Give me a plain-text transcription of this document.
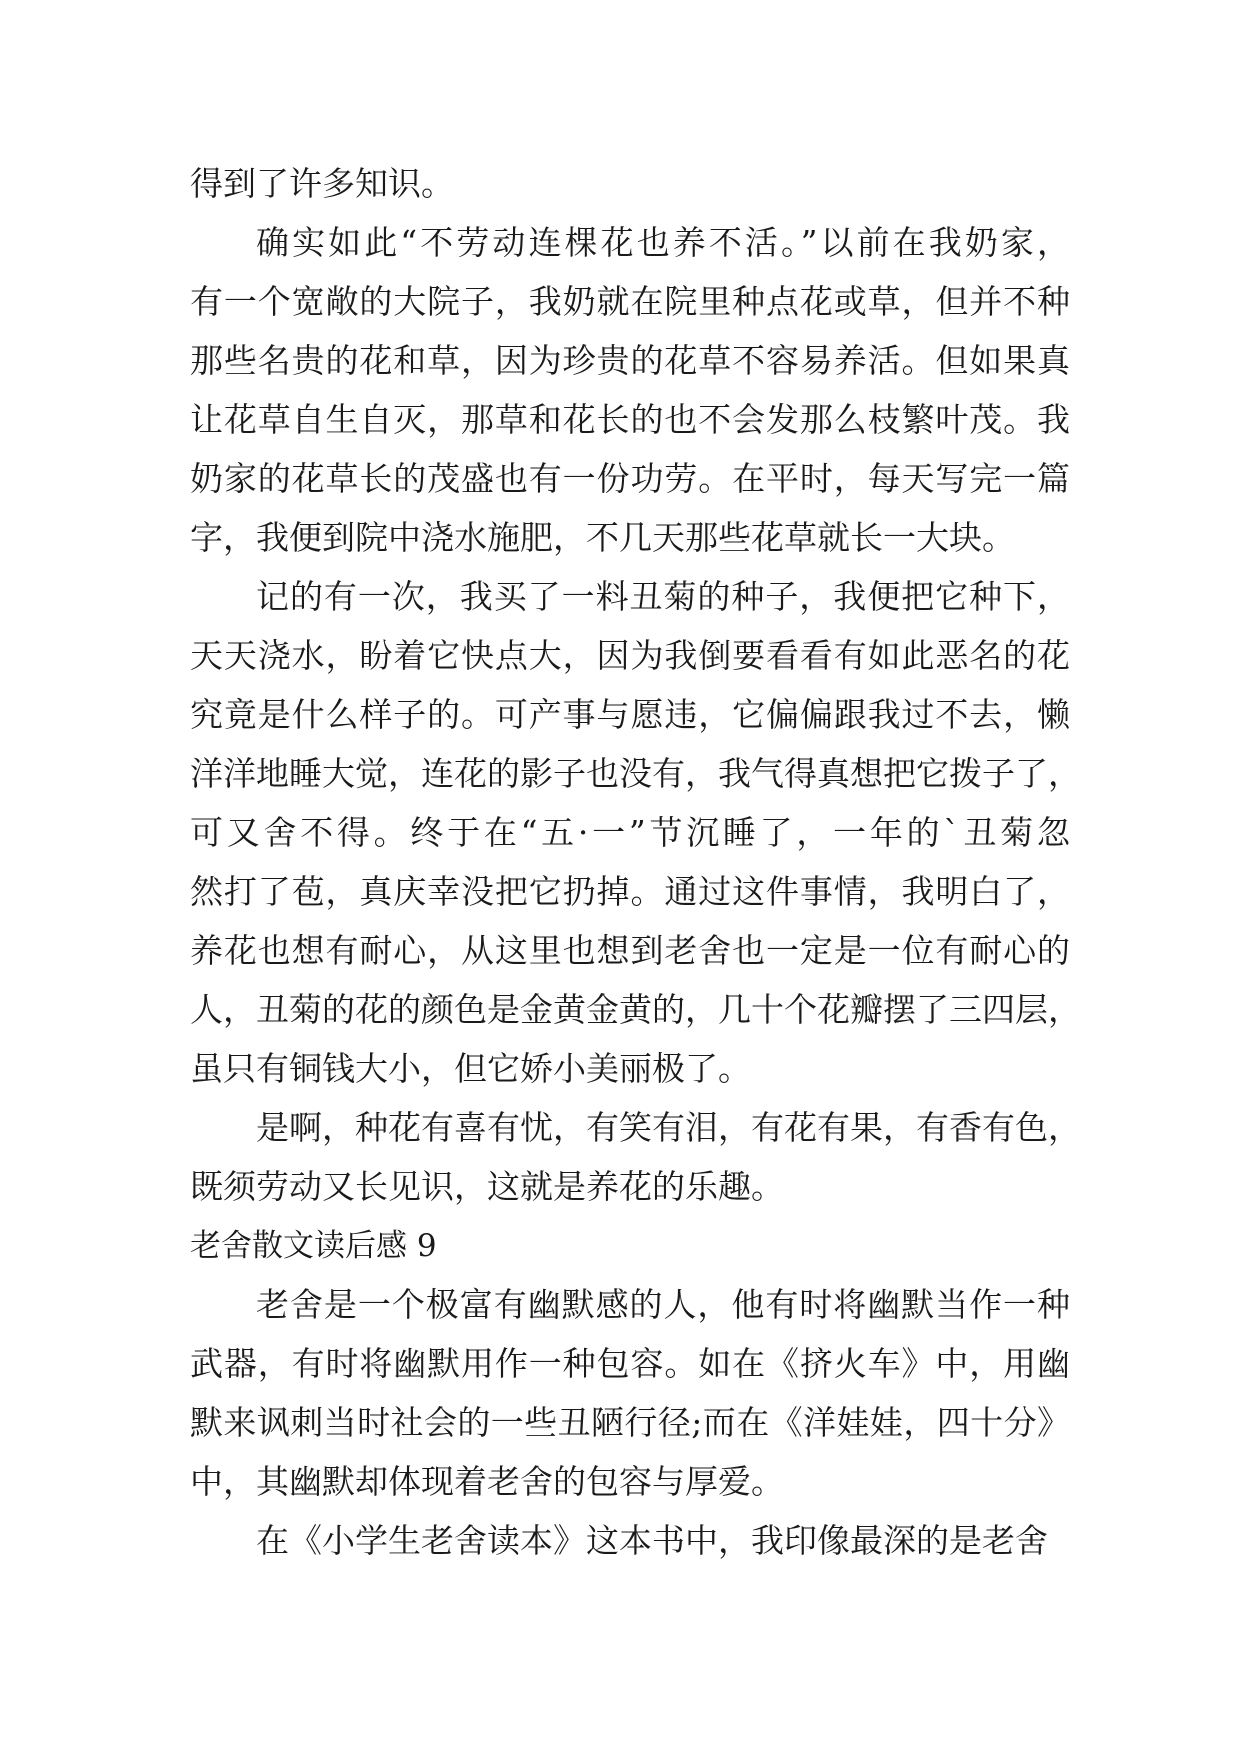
得到了许多知识。

确实如此“不劳动连棵花也养不活。”以前在我奶家，

有一个宽敞的大院子，我奶就在院里种点花或草，但并不种

那些名贵的花和草，因为珍贵的花草不容易养活。但如果真

让花草自生自灭，那草和花长的也不会发那么枝繁叶茂。我

奶家的花草长的茂盛也有一份功劳。在平时，每天写完一篇

字，我便到院中浇水施肥，不几天那些花草就长一大块。

记的有一次，我买了一料丑菊的种子，我便把它种下，

天天浇水，盼着它快点大，因为我倒要看看有如此恶名的花

究竟是什么样子的。可产事与愿违，它偏偏跟我过不去，懒

洋洋地睡大觉，连花的影子也没有，我气得真想把它拨子了，

可又舍不得。终于在“五·一”节沉睡了，一年的`丑菊忽

然打了苞，真庆幸没把它扔掉。通过这件事情，我明白了，

养花也想有耐心，从这里也想到老舍也一定是一位有耐心的

人，丑菊的花的颜色是金黄金黄的，几十个花瓣摆了三四层，

虽只有铜钱大小，但它娇小美丽极了。

是啊，种花有喜有忧，有笑有泪，有花有果，有香有色，

既须劳动又长见识，这就是养花的乐趣。

老舍散文读后感 9

老舍是一个极富有幽默感的人，他有时将幽默当作一种

武器，有时将幽默用作一种包容。如在《挤火车》中，用幽

默来讽刺当时社会的一些丑陋行径;而在《洋娃娃，四十分》

中，其幽默却体现着老舍的包容与厚爱。

在《小学生老舍读本》这本书中，我印像最深的是老舍
